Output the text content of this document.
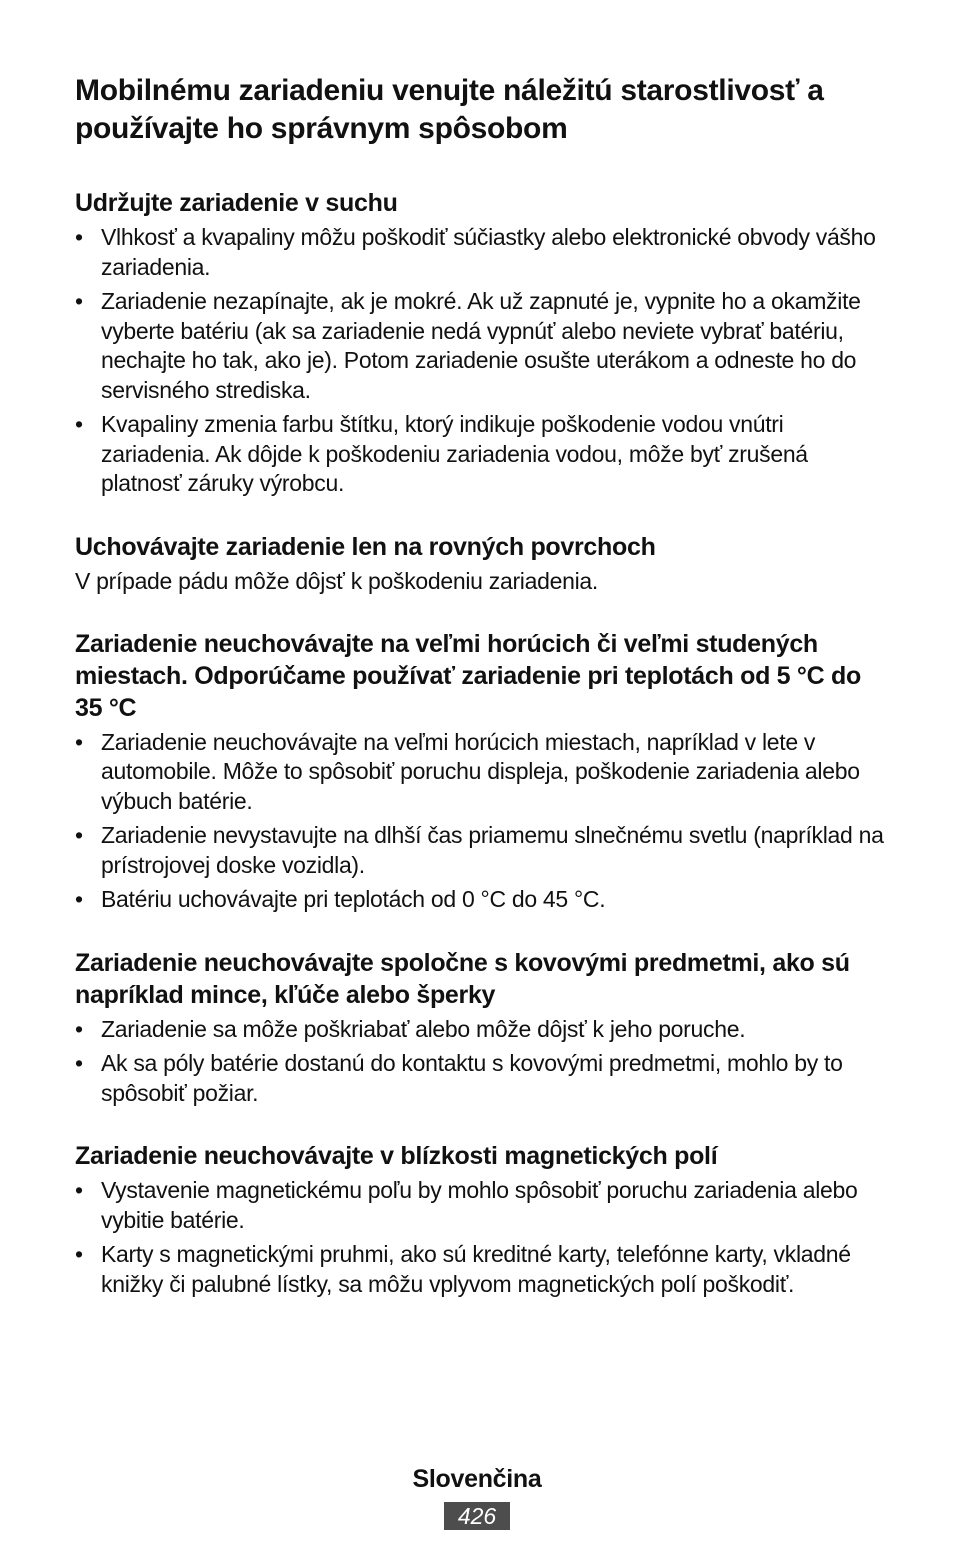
Mobilnému zariadeniu venujte náležitú starostlivosť a používajte ho správnym spôsobom
Udržujte zariadenie v suchu
• Vlhkosť a kvapaliny môžu poškodiť súčiastky alebo elektronické obvody vášho zariadenia.
• Zariadenie nezapínajte, ak je mokré. Ak už zapnuté je, vypnite ho a okamžite vyberte batériu (ak sa zariadenie nedá vypnúť alebo neviete vybrať batériu, nechajte ho tak, ako je). Potom zariadenie osušte uterákom a odneste ho do servisného strediska.
• Kvapaliny zmenia farbu štítku, ktorý indikuje poškodenie vodou vnútri zariadenia. Ak dôjde k poškodeniu zariadenia vodou, môže byť zrušená platnosť záruky výrobcu.
Uchovávajte zariadenie len na rovných povrchoch

V prípade pádu môže dôjsť k poškodeniu zariadenia.

Zariadenie neuchovávajte na veľmi horúcich či veľmi studených miestach. Odporúčame používať zariadenie pri teplotách od 5 °C do 35 °C
• Zariadenie neuchovávajte na veľmi horúcich miestach, napríklad v lete v automobile. Môže to spôsobiť poruchu displeja, poškodenie zariadenia alebo výbuch batérie.
• Zariadenie nevystavujte na dlhší čas priamemu slnečnému svetlu (napríklad na prístrojovej doske vozidla).
• Batériu uchovávajte pri teplotách od 0 °C do 45 °C.
Zariadenie neuchovávajte spoločne s kovovými predmetmi, ako sú napríklad mince, kľúče alebo šperky
• Zariadenie sa môže poškriabať alebo môže dôjsť k jeho poruche.
• Ak sa póly batérie dostanú do kontaktu s kovovými predmetmi, mohlo by to spôsobiť požiar.
Zariadenie neuchovávajte v blízkosti magnetických polí
• Vystavenie magnetickému poľu by mohlo spôsobiť poruchu zariadenia alebo vybitie batérie.
• Karty s magnetickými pruhmi, ako sú kreditné karty, telefónne karty, vkladné knižky či palubné lístky, sa môžu vplyvom magnetických polí poškodiť.
Slovenčina
426
